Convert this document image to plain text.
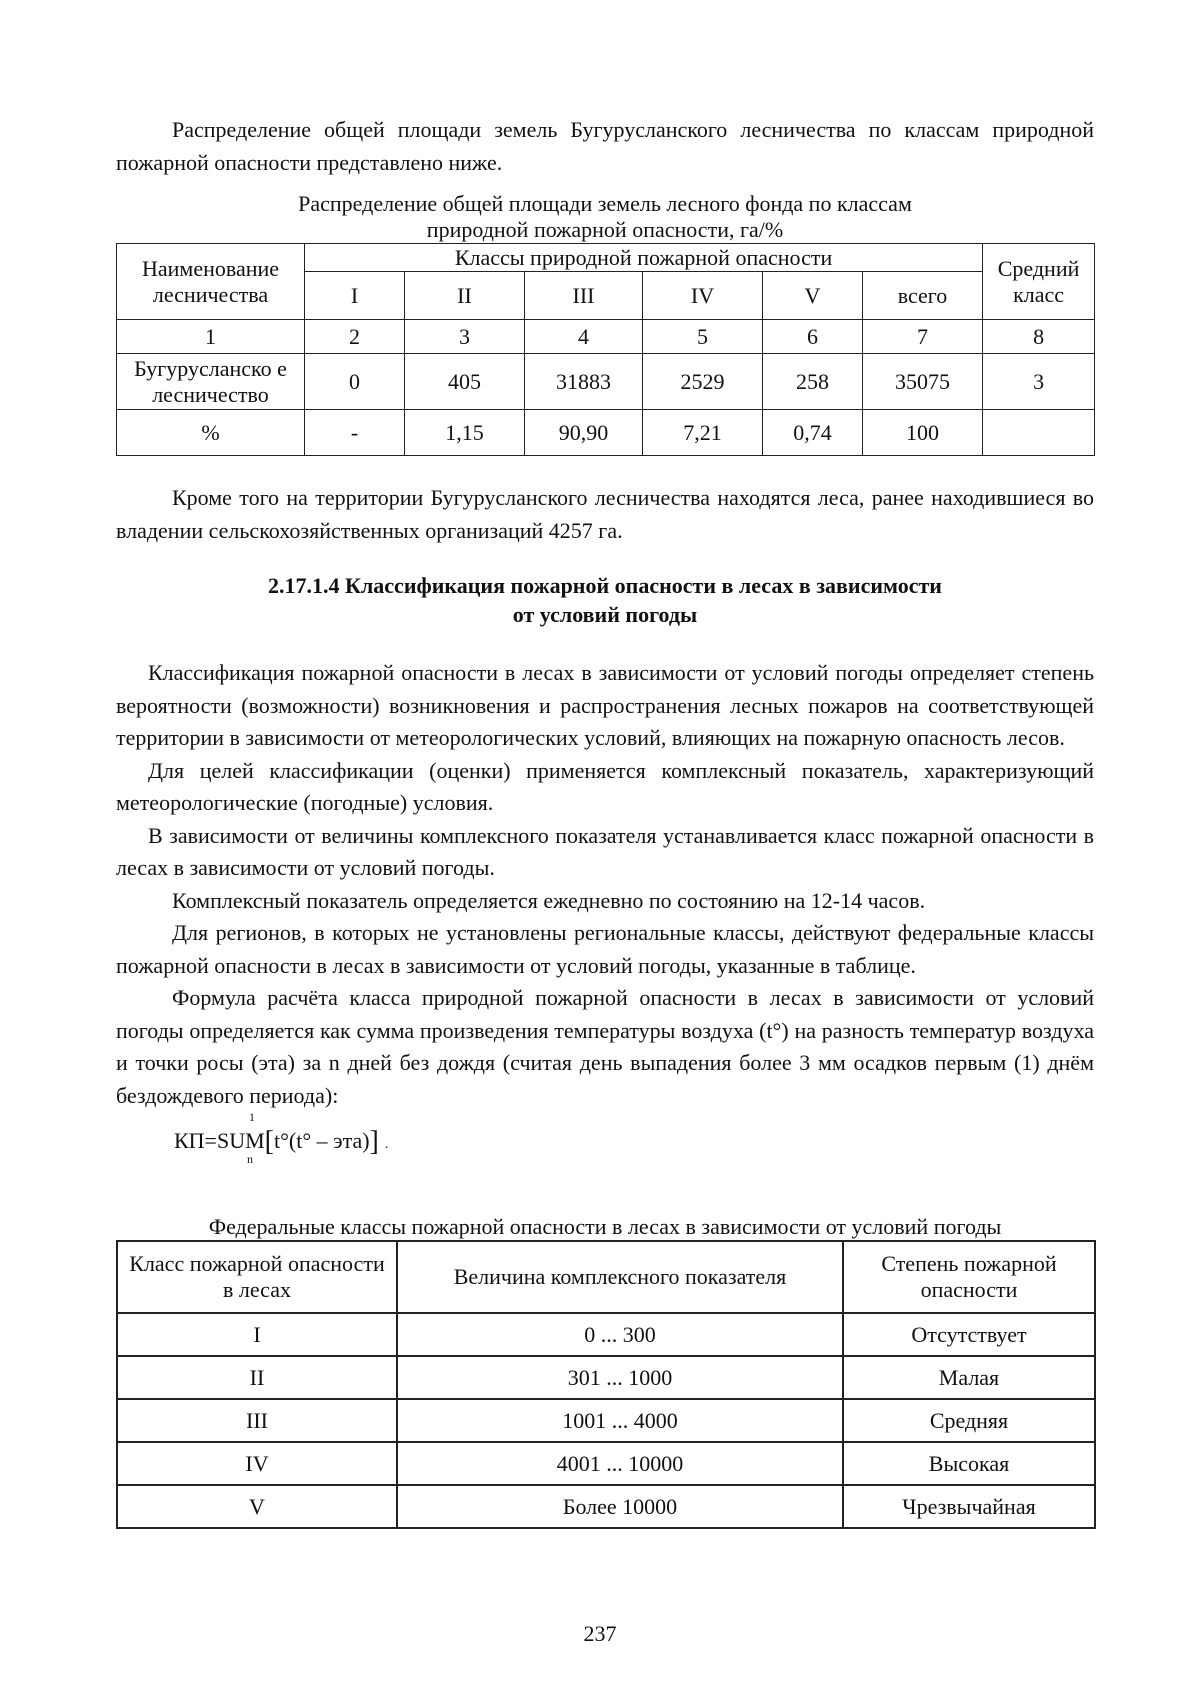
Распределение общей площади земель Бугурусланского лесничества по классам природной пожарной опасности представлено ниже.

Распределение общей площади земель лесного фонда по классам
природной пожарной опасности, га/%
Наименование лесничества	Классы природной пожарной опасности						Средний класс
	I	II	III	IV	V	всего	
1	2	3	4	5	6	7	8
Бугурусланско е лесничество	0	405	31883	2529	258	35075	3
%	-	1,15	90,90	7,21	0,74	100	

Кроме того на территории Бугурусланского лесничества находятся леса, ранее находившиеся во владении сельскохозяйственных организаций 4257 га.

2.17.1.4 Классификация пожарной опасности в лесах в зависимости
от условий погоды

Классификация пожарной опасности в лесах в зависимости от условий погоды определяет степень вероятности (возможности) возникновения и распространения лесных пожаров на соответствующей территории в зависимости от метеорологических условий, влияющих на пожарную опасность лесов.

Для целей классификации (оценки) применяется комплексный показатель, характеризующий метеорологические (погодные) условия.

В зависимости от величины комплексного показателя устанавливается класс пожарной опасности в лесах в зависимости от условий погоды.

Комплексный показатель определяется ежедневно по состоянию на 12-14 часов.

Для регионов, в которых не установлены региональные классы, действуют федеральные классы пожарной опасности в лесах в зависимости от условий погоды, указанные в таблице.

Формула расчёта класса природной пожарной опасности в лесах в зависимости от условий погоды определяется как сумма произведения температуры воздуха (t°) на разность температур воздуха и точки росы (эта) за n дней без дождя (считая день выпадения более 3 мм осадков первым (1) днём бездождевого периода):

1
КП=SUM[t°(t° – эта)] .
n
Федеральные классы пожарной опасности в лесах в зависимости от условий погоды
Класс пожарной опасности в лесах	Величина комплексного показателя	Степень пожарной опасности
I	0 ... 300	Отсутствует
II	301 ... 1000	Малая
III	1001 ... 4000	Средняя
IV	4001 ... 10000	Высокая
V	Более 10000	Чрезвычайная
237
